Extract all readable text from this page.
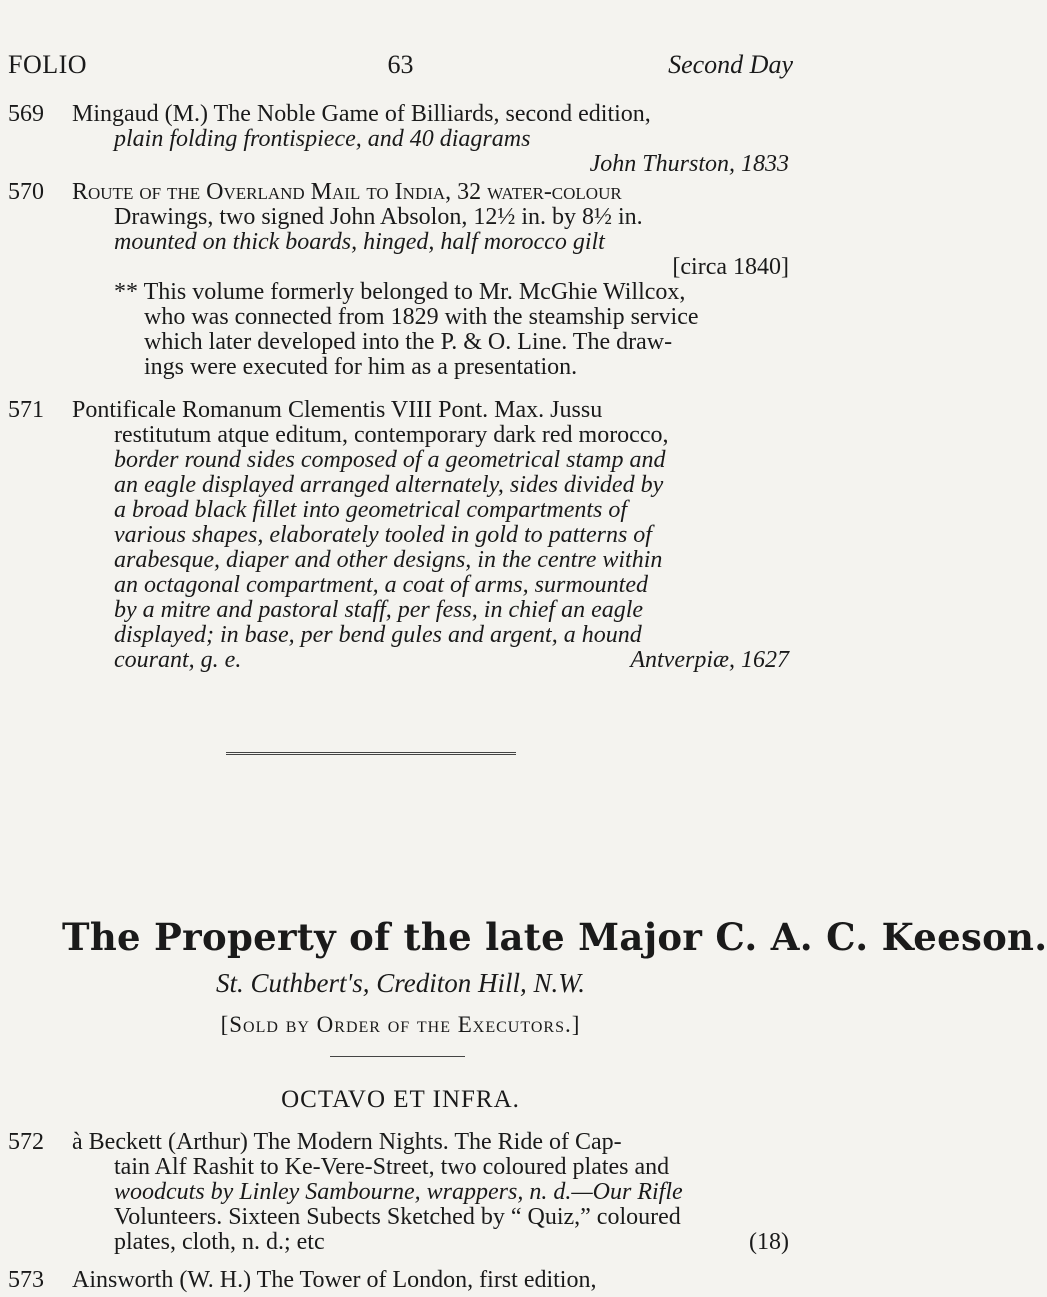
FOLIO	63	Second Day
569	Mingaud (M.) The Noble Game of Billiards, second edition,
plain folding frontispiece, and 40 diagrams
John Thurston, 1833
570	Route of the Overland Mail to India, 32 water-colour
Drawings, two signed John Absolon, 12½ in. by 8½ in.
mounted on thick boards, hinged, half morocco gilt
[circa 1840]
** This volume formerly belonged to Mr. McGhie Willcox,
who was connected from 1829 with the steamship service
which later developed into the P. & O. Line. The draw-
ings were executed for him as a presentation.
571	Pontificale Romanum Clementis VIII Pont. Max. Jussu
restitutum atque editum, contemporary dark red morocco,
border round sides composed of a geometrical stamp and
an eagle displayed arranged alternately, sides divided by
a broad black fillet into geometrical compartments of
various shapes, elaborately tooled in gold to patterns of
arabesque, diaper and other designs, in the centre within
an octagonal compartment, a coat of arms, surmounted
by a mitre and pastoral staff, per fess, in chief an eagle
displayed; in base, per bend gules and argent, a hound
courant, g. e.	Antverpiæ, 1627
The Property of the late Major C. A. C. Keeson.
St. Cuthbert's, Crediton Hill, N.W.
[Sold by Order of the Executors.]
OCTAVO ET INFRA.
572	à Beckett (Arthur) The Modern Nights. The Ride of Cap-
tain Alf Rashit to Ke-Vere-Street, two coloured plates and
woodcuts by Linley Sambourne, wrappers, n. d.—Our Rifle
Volunteers. Sixteen Subects Sketched by “ Quiz,” coloured
plates, cloth, n. d.; etc	(18)
573	Ainsworth (W. H.) The Tower of London, first edition,
